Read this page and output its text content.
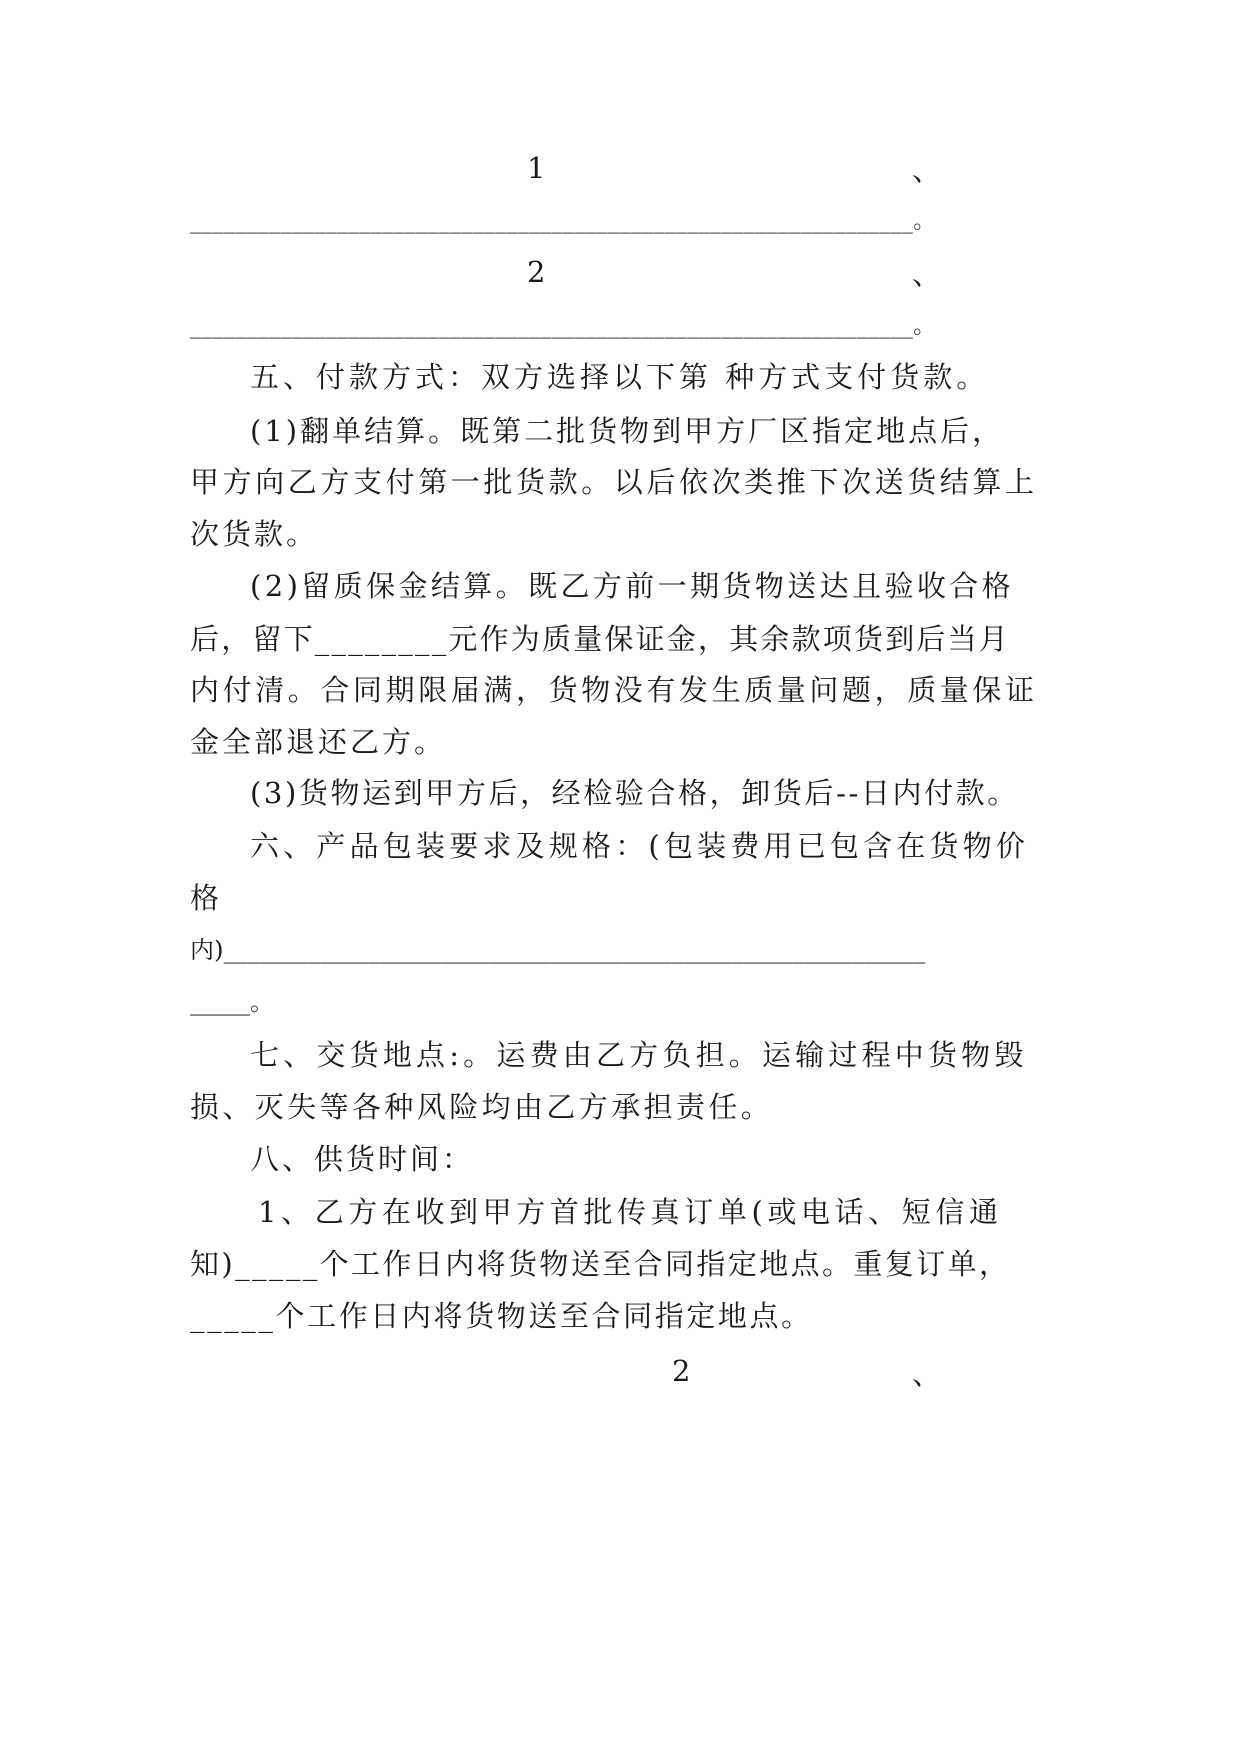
1	、
________________________________________________________________。
2	、
________________________________________________________________。
五、付款方式：双方选择以下第 种方式支付货款。
(1)翻单结算。既第二批货物到甲方厂区指定地点后，
甲方向乙方支付第一批货款。以后依次类推下次送货结算上
次货款。
(2)留质保金结算。既乙方前一期货物送达且验收合格
后，留下________元作为质量保证金，其余款项货到后当月
内付清。合同期限届满，货物没有发生质量问题，质量保证
金全部退还乙方。
(3)货物运到甲方后，经检验合格，卸货后--日内付款。
六、产品包装要求及规格：(包装费用已包含在货物价
格
内)__________________________________________________________
_____。
七、交货地点:。运费由乙方负担。运输过程中货物毁
损、灭失等各种风险均由乙方承担责任。
八、供货时间：
1、乙方在收到甲方首批传真订单(或电话、短信通
知)_____个工作日内将货物送至合同指定地点。重复订单，
_____个工作日内将货物送至合同指定地点。
2	、
